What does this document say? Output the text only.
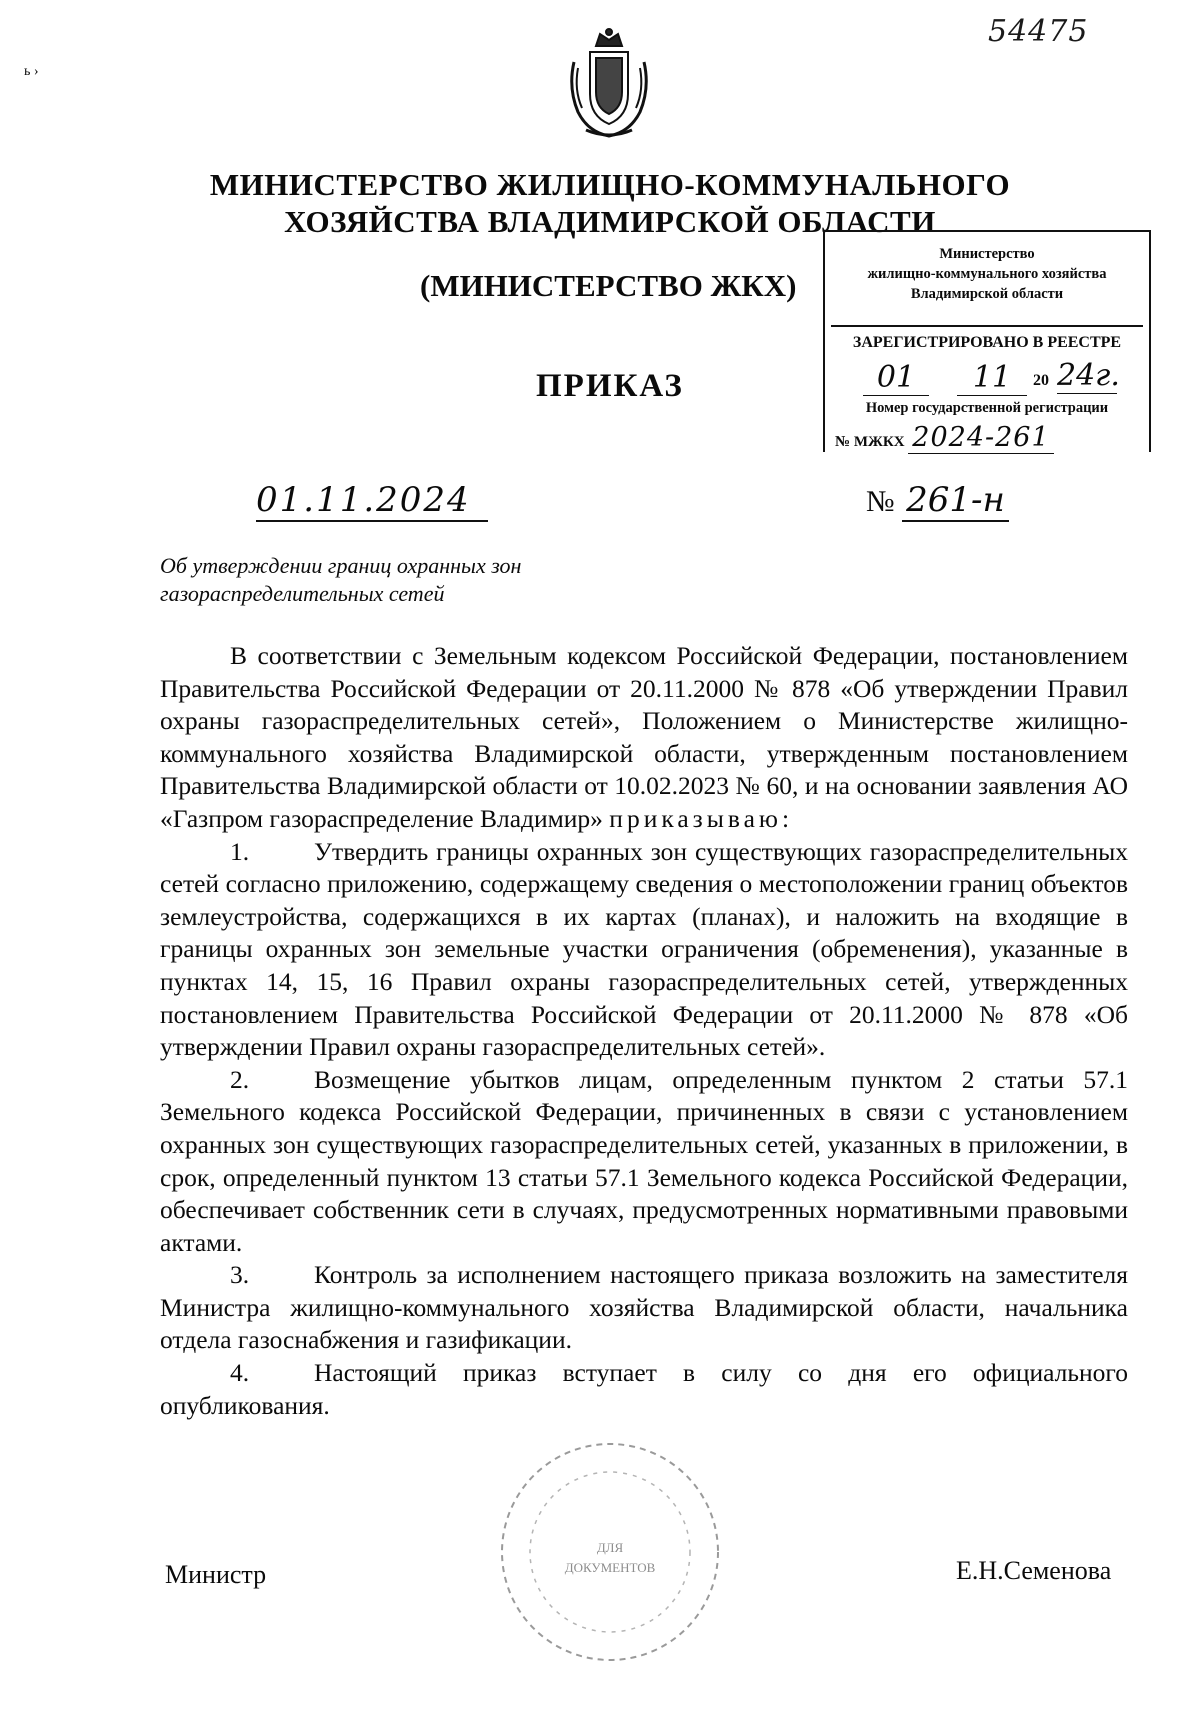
54475
ь ›
МИНИСТЕРСТВО ЖИЛИЩНО-КОММУНАЛЬНОГО
ХОЗЯЙСТВА ВЛАДИМИРСКОЙ ОБЛАСТИ
(МИНИСТЕРСТВО ЖКХ)
ПРИКАЗ
Министерство
жилищно-коммунального хозяйства
Владимирской области
ЗАРЕГИСТРИРОВАНО В РЕЕСТРЕ
01	11	20 24г.
Номер государственной регистрации
№ МЖКХ 2024-261
01.11.2024	№ 261-н
Об утверждении границ охранных зон
газораспределительных сетей

В соответствии с Земельным кодексом Российской Федерации, постановлением Правительства Российской Федерации от 20.11.2000 № 878 «Об утверждении Правил охраны газораспределительных сетей», Положением о Министерстве жилищно-коммунального хозяйства Владимирской области, утвержденным постановлением Правительства Владимирской области от 10.02.2023 № 60, и на основании заявления АО «Газпром газораспределение Владимир» приказываю:

1.	Утвердить границы охранных зон существующих газораспределительных сетей согласно приложению, содержащему сведения о местоположении границ объектов землеустройства, содержащихся в их картах (планах), и наложить на входящие в границы охранных зон земельные участки ограничения (обременения), указанные в пунктах 14, 15, 16 Правил охраны газораспределительных сетей, утвержденных постановлением Правительства Российской Федерации от 20.11.2000 № 878 «Об утверждении Правил охраны газораспределительных сетей».

2.	Возмещение убытков лицам, определенным пунктом 2 статьи 57.1 Земельного кодекса Российской Федерации, причиненных в связи с установлением охранных зон существующих газораспределительных сетей, указанных в приложении, в срок, определенный пунктом 13 статьи 57.1 Земельного кодекса Российской Федерации, обеспечивает собственник сети в случаях, предусмотренных нормативными правовыми актами.

3.	Контроль за исполнением настоящего приказа возложить на заместителя Министра жилищно-коммунального хозяйства Владимирской области, начальника отдела газоснабжения и газификации.

4.	Настоящий приказ вступает в силу со дня его официального опубликования.

ДЛЯ
ДОКУМЕНТОВ
Министр	Е.Н.Семенова
